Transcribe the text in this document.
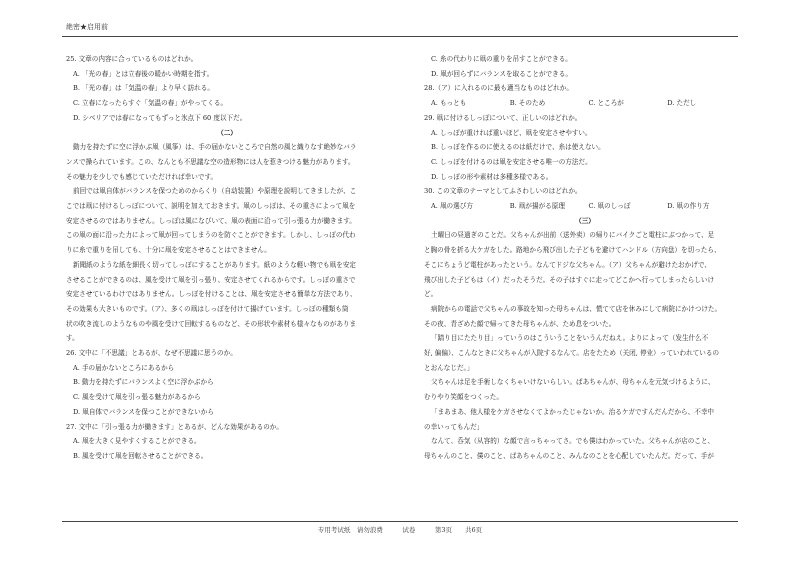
絶密★启用前
25. 文章の内容に合っているものはどれか。
A. 「光の春」とは立春後の暖かい時期を指す。
B. 「光の春」は「気温の春」より早く訪れる。
C. 立春になったらすぐ「気温の春」がやってくる。
D. シベリアでは春になってもずっと氷点下 60 度以下だ。
（二）
動力を持たずに空に浮かぶ凧（風筝）は、手の届かないところで自然の風と織りなす絶妙なバラ
ンスで操られています。この、なんとも不思議な空の造形物には人を惹きつける魅力があります。
その魅力を少しでも感じていただければ幸いです。
前回では凧自体がバランスを保つためのからくり（自动装置）や原理を説明してきましたが、こ
こでは凧に付けるしっぽについて、説明を加えておきます。凧のしっぽは、その重さによって凧を
安定させるのではありません。しっぽは風になびいて、凧の表面に沿って引っ張る力が働きます。
この凧の面に沿った力によって凧が回ってしまうのを防ぐことができます。しかし、しっぽの代わ
りに糸で重りを吊しても、十分に凧を安定させることはできません。
新聞紙のような紙を細長く切ってしっぽにすることがあります。紙のような軽い物でも凧を安定
させることができるのは、風を受けて凧を引っ張り、安定させてくれるからです。しっぽの重さで
安定させているわけではありません。しっぽを付けることは、凧を安定させる簡単な方法であり、
その効果も大きいものです。（ア）、多くの凧はしっぽを付けて揚げています。しっぽの種類も筒
状の吹き流しのようなものや風を受けて回転するものなど、その形状や素材も様々なものがありま
す。
26. 文中に「不思議」とあるが、なぜ不思議に思うのか。
A. 手の届かないところにあるから
B. 動力を持たずにバランスよく空に浮かぶから
C. 風を受けて凧を引っ張る魅力があるから
D. 凧自体でバランスを保つことができないから
27. 文中に「引っ張る力が働きます」とあるが、どんな効果があるのか。
A. 凧を大きく見やすくすることができる。
B. 風を受けて凧を回転させることができる。
C. 糸の代わりに凧の重りを吊すことができる。
D. 凧が回らずにバランスを取ることができる。
28.（ア）に入れるのに最も適当なものはどれか。
A. もっとも	B. そのため	C. ところが	D. ただし
29. 凧に付けるしっぽについて、正しいのはどれか。
A. しっぽが重ければ重いほど、凧を安定させやすい。
B. しっぽを作るのに使えるのは紙だけで、糸は使えない。
C. しっぽを付けるのは凧を安定させる唯一の方法だ。
D. しっぽの形や素材は多種多様である。
30. この文章のテーマとしてふさわしいのはどれか。
A. 凧の選び方	B. 凧が揚がる原理	C. 凧のしっぽ	D. 凧の作り方
（三）
土曜日の昼過ぎのことだ。父ちゃんが出前（送外卖）の帰りにバイクごと電柱にぶつかって、足
と胸の骨を折る大ケガをした。路地から飛び出した子どもを避けてハンドル（方向盘）を切ったら、
そこにちょうど電柱があったという。なんてドジな父ちゃん。（ア）父ちゃんが避けたおかげで、
飛び出した子どもは（イ）だったそうだ。その子はすぐに走ってどこかへ行ってしまったらしいけ
ど。
病院からの電話で父ちゃんの事故を知った母ちゃんは、慌てて店を休みにして病院にかけつけた。
その夜、青ざめた顔で帰ってきた母ちゃんが、ため息をついた。
「踏り目にたたり目」っていうのはこういうことをいうんだねえ。よりによって（发生什么不
好, 偏偏）、こんなときに父ちゃんが入院するなんて。店をたため（关闭, 停业）っていわれているの
とおんなじだ。」
父ちゃんは足を手術しなくちゃいけないらしい。ばあちゃんが、母ちゃんを元気づけるように、
むりやり笑顔をつくった。
「まあまあ、他人様をケガさせなくてよかったじゃないか。治るケガですんだんだから、不幸中
の幸いってもんだ」
なんて、呑気（从容的）な顔で言っちゃってさ。でも僕はわかっていた。父ちゃんが店のこと、
母ちゃんのこと、僕のこと、ばあちゃんのこと、みんなのことを心配していたんだ。だって、手が
专用考试纸　请勿浪费　　　试卷　　　第3页　　共6页
